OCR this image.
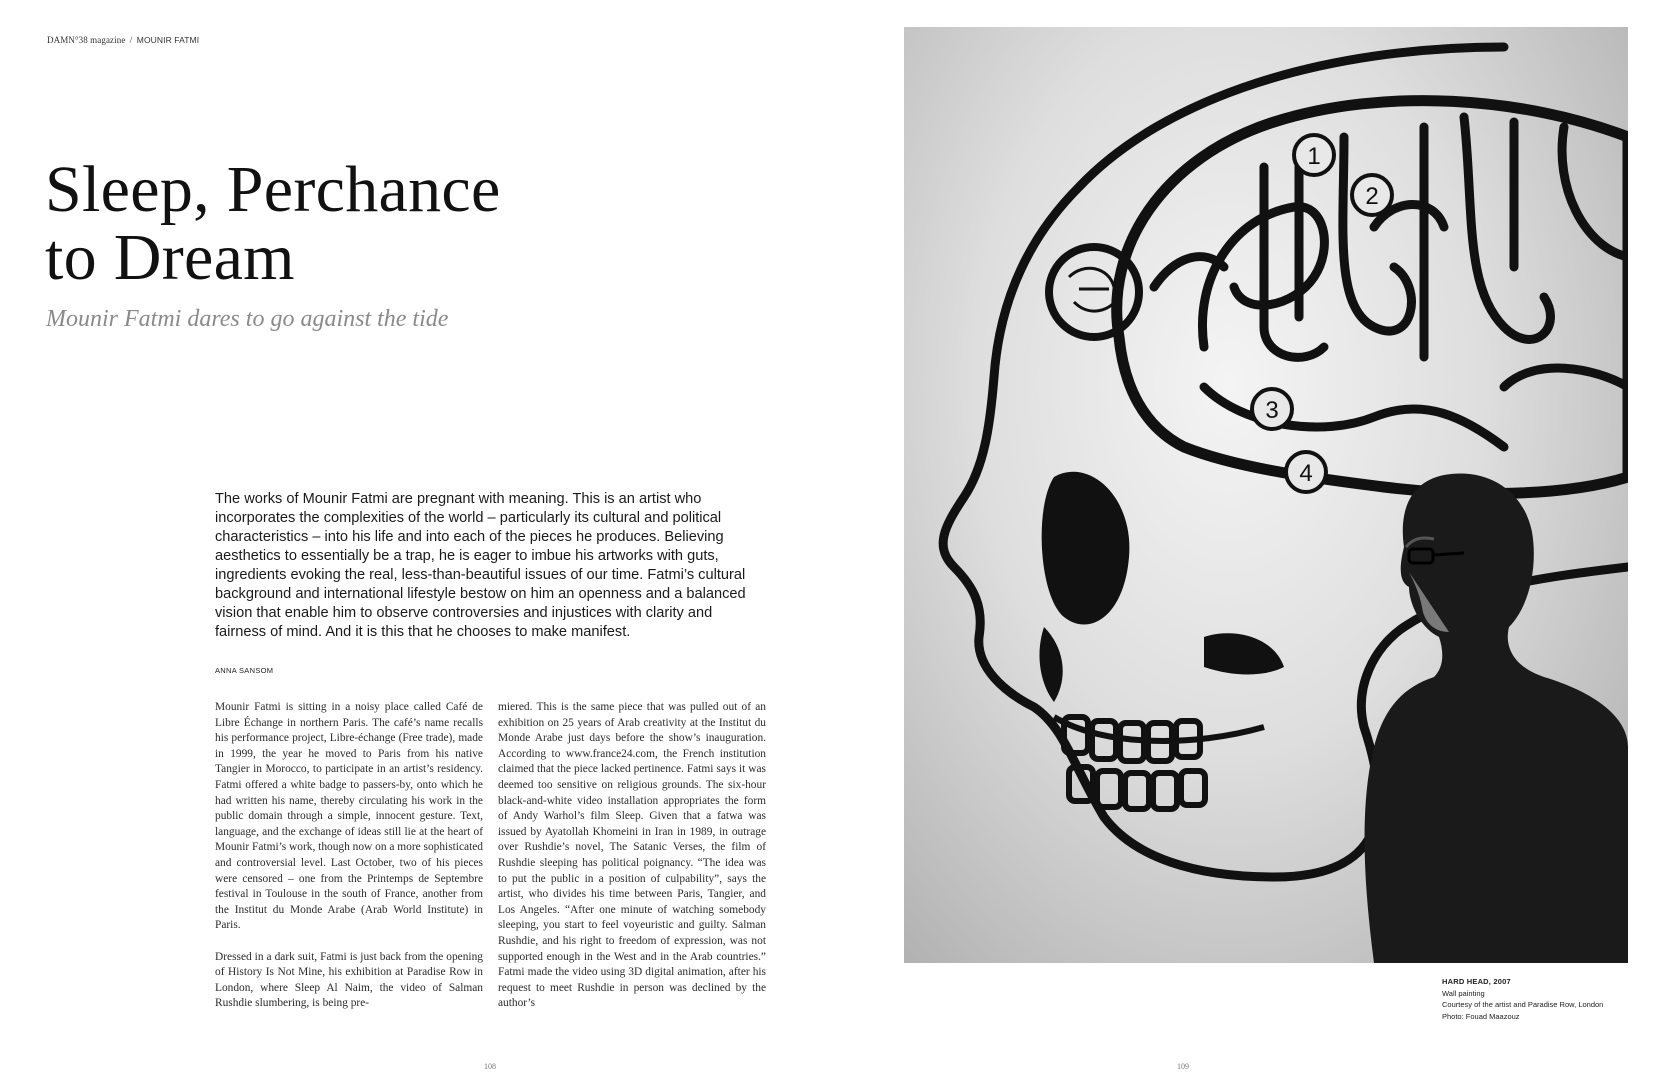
DAMN°38 magazine / MOUNIR FATMI
Sleep, Perchance
to Dream

Mounir Fatmi dares to go against the tide

The works of Mounir Fatmi are pregnant with meaning. This is an artist who incorporates the complexities of the world – particularly its cultural and political characteristics – into his life and into each of the pieces he produces. Believing aesthetics to essentially be a trap, he is eager to imbue his artworks with guts, ingredients evoking the real, less-than-beautiful issues of our time. Fatmi’s cultural background and international lifestyle bestow on him an openness and a balanced vision that enable him to observe controversies and injustices with clarity and fairness of mind. And it is this that he chooses to make manifest.

ANNA SANSOM

Mounir Fatmi is sitting in a noisy place called Café de Libre Échange in northern Paris. The café’s name recalls his performance project, Libre-échange (Free trade), made in 1999, the year he moved to Paris from his native Tangier in Morocco, to participate in an artist’s residency. Fatmi offered a white badge to passers-by, onto which he had written his name, thereby circulating his work in the public domain through a simple, innocent gesture. Text, language, and the exchange of ideas still lie at the heart of Mounir Fatmi’s work, though now on a more sophisticated and controversial level. Last October, two of his pieces were censored – one from the Printemps de Septembre festival in Toulouse in the south of France, another from the Institut du Monde Arabe (Arab World Institute) in Paris.

Dressed in a dark suit, Fatmi is just back from the opening of History Is Not Mine, his exhibition at Paradise Row in London, where Sleep Al Naim, the video of Salman Rushdie slumbering, is being pre-

miered. This is the same piece that was pulled out of an exhibition on 25 years of Arab creativity at the Institut du Monde Arabe just days before the show’s inauguration. According to www.france24.com, the French institution claimed that the piece lacked pertinence. Fatmi says it was deemed too sensitive on religious grounds. The six-hour black-and-white video installation appropriates the form of Andy Warhol’s film Sleep. Given that a fatwa was issued by Ayatollah Khomeini in Iran in 1989, in outrage over Rushdie’s novel, The Satanic Verses, the film of Rushdie sleeping has political poignancy. “The idea was to put the public in a position of culpability”, says the artist, who divides his time between Paris, Tangier, and Los Angeles. “After one minute of watching somebody sleeping, you start to feel voyeuristic and guilty. Salman Rushdie, and his right to freedom of expression, was not supported enough in the West and in the Arab countries.” Fatmi made the video using 3D digital animation, after his request to meet Rushdie in person was declined by the author’s

108
1
2
3
4
HARD HEAD, 2007
Wall painting
Courtesy of the artist and Paradise Row, London
Photo: Fouad Maazouz
109
